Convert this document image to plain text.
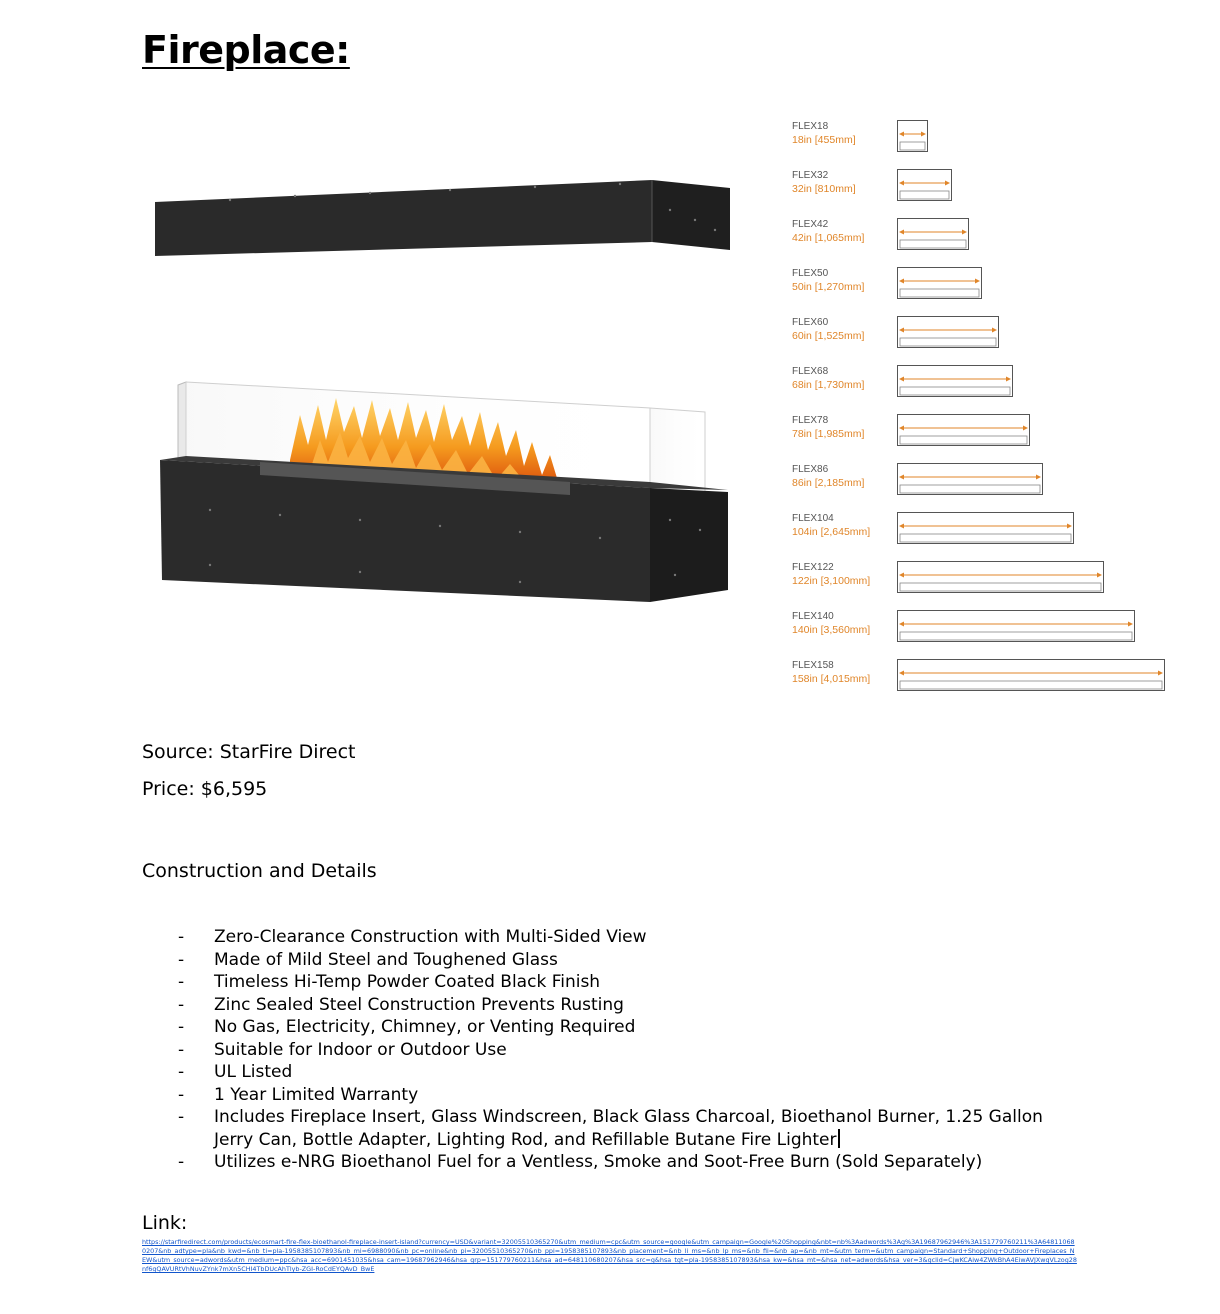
Fireplace:
FLEX18
18in [455mm]
FLEX32
32in [810mm]
FLEX42
42in [1,065mm]
FLEX50
50in [1,270mm]
FLEX60
60in [1,525mm]
FLEX68
68in [1,730mm]
FLEX78
78in [1,985mm]
FLEX86
86in [2,185mm]
FLEX104
104in [2,645mm]
FLEX122
122in [3,100mm]
FLEX140
140in [3,560mm]
FLEX158
158in [4,015mm]
Source: StarFire Direct
Price: $6,595
Construction and Details
- Zero-Clearance Construction with Multi-Sided View
- Made of Mild Steel and Toughened Glass
- Timeless Hi-Temp Powder Coated Black Finish
- Zinc Sealed Steel Construction Prevents Rusting
- No Gas, Electricity, Chimney, or Venting Required
- Suitable for Indoor or Outdoor Use
- UL Listed
- 1 Year Limited Warranty
- Includes Fireplace Insert, Glass Windscreen, Black Glass Charcoal, Bioethanol Burner, 1.25 Gallon Jerry Can, Bottle Adapter, Lighting Rod, and Refillable Butane Fire Lighter
- Utilizes e-NRG Bioethanol Fuel for a Ventless, Smoke and Soot-Free Burn (Sold Separately)
Link:
https://starfiredirect.com/products/ecosmart-fire-flex-bioethanol-fireplace-insert-island?currency=USD&variant=32005510365270&utm_medium=cpc&utm_source=google&utm_campaign=Google%20Shopping&nbt=nb%3Aadwords%3Ag%3A19687962946%3A151779760211%3A648110680207&nb_adtype=pla&nb_kwd=&nb_ti=pla-1958385107893&nb_mi=6988090&nb_pc=online&nb_pi=32005510365270&nb_ppi=1958385107893&nb_placement=&nb_li_ms=&nb_lp_ms=&nb_fii=&nb_ap=&nb_mt=&utm_term=&utm_campaign=Standard+Shopping+Outdoor+Fireplaces_NEW&utm_source=adwords&utm_medium=ppc&hsa_acc=6901451035&hsa_cam=19687962946&hsa_grp=151779760211&hsa_ad=648110680207&hsa_src=g&hsa_tgt=pla-1958385107893&hsa_kw=&hsa_mt=&hsa_net=adwords&hsa_ver=3&gclid=CjwKCAiw4ZWkBhA4EiwAVJXwqVLzog28nf6gQAVURtVhNuvZYnk7mXn5CHI4TbDUcAhTlyb-ZGI-RoCdEYQAvD_BwE
